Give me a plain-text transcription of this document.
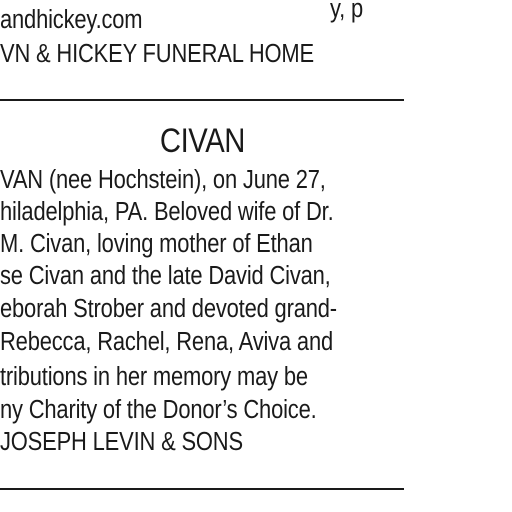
andhickey.com	y, p
VN & HICKEY FUNERAL HOME
CIVAN
VAN (nee Hochstein), on June 27,
hiladelphia, PA. Beloved wife of Dr.
M. Civan, loving mother of Ethan
se Civan and the late David Civan,
eborah Strober and devoted grand-
Rebecca, Rachel, Rena, Aviva and
tributions in her memory may be
ny Charity of the Donor’s Choice.
JOSEPH LEVIN & SONS
